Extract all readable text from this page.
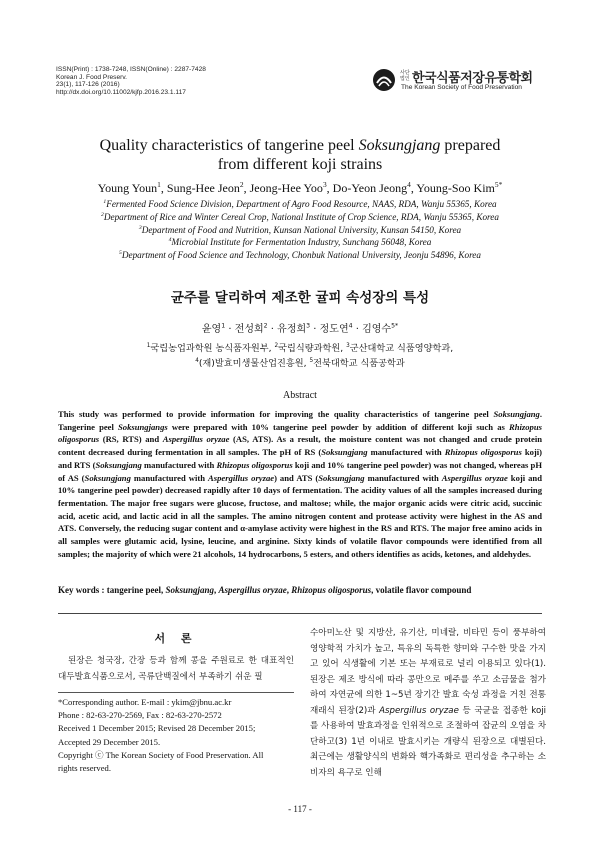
ISSN(Print) : 1738-7248, ISSN(Online) : 2287-7428
Korean J. Food Preserv.
23(1), 117-126 (2016)
http://dx.doi.org/10.11002/kjfp.2016.23.1.117
사단법인 한국식품저장유통학회
The Korean Society of Food Preservation
Quality characteristics of tangerine peel Soksungjang prepared
from different koji strains
Young Youn$^1$, Sung-Hee Jeon$^2$, Jeong-Hee Yoo$^3$, Do-Yeon Jeong$^4$, Young-Soo Kim$^{5*}$
$^1$Fermented Food Science Division, Department of Agro Food Resource, NAAS, RDA, Wanju 55365, Korea
$^2$Department of Rice and Winter Cereal Crop, National Institute of Crop Science, RDA, Wanju 55365, Korea
$^3$Department of Food and Nutrition, Kunsan National University, Kunsan 54150, Korea
$^4$Microbial Institute for Fermentation Industry, Sunchang 56048, Korea
$^5$Department of Food Science and Technology, Chonbuk National University, Jeonju 54896, Korea
균주를 달리하여 제조한 귤피 속성장의 특성
윤영$^1$ · 전성희$^2$ · 유정희$^3$ · 정도연$^4$ · 김영수$^{5*}$
$^1$국립농업과학원 농식품자원부, $^2$국립식량과학원, $^3$군산대학교 식품영양학과,
$^4$(재)발효미생물산업진흥원, $^5$전북대학교 식품공학과
Abstract
This study was performed to provide information for improving the quality characteristics of tangerine peel Soksungjang. Tangerine peel Soksungjangs were prepared with 10% tangerine peel powder by addition of different koji such as Rhizopus oligosporus (RS, RTS) and Aspergillus oryzae (AS, ATS). As a result, the moisture content was not changed and crude protein content decreased during fermentation in all samples. The pH of RS (Soksungjang manufactured with Rhizopus oligosporus koji) and RTS (Soksungjang manufactured with Rhizopus oligosporus koji and 10% tangerine peel powder) was not changed, whereas pH of AS (Soksungjang manufactured with Aspergillus oryzae) and ATS (Soksungjang manufactured with Aspergillus oryzae koji and 10% tangerine peel powder) decreased rapidly after 10 days of fermentation. The acidity values of all the samples increased during fermentation. The major free sugars were glucose, fructose, and maltose; while, the major organic acids were citric acid, succinic acid, acetic acid, and lactic acid in all the samples. The amino nitrogen content and protease activity were highest in the AS and ATS. Conversely, the reducing sugar content and α-amylase activity were highest in the RS and RTS. The major free amino acids in all samples were glutamic acid, lysine, leucine, and arginine. Sixty kinds of volatile flavor compounds were identified from all samples; the majority of which were 21 alcohols, 14 hydrocarbons, 5 esters, and others identifies as acids, ketones, and aldehydes.
Key words : tangerine peel, Soksungjang, Aspergillus oryzae, Rhizopus oligosporus, volatile flavor compound
서 론

된장은 청국장, 간장 등과 함께 콩을 주원료로 한 대표적인 대두발효식품으로서, 곡류단백질에서 부족하기 쉬운 필

*Corresponding author. E-mail : ykim@jbnu.ac.kr
Phone : 82-63-270-2569, Fax : 82-63-270-2572
Received 1 December 2015; Revised 28 December 2015;
Accepted 29 December 2015.
Copyright ⓒ The Korean Society of Food Preservation. All
rights reserved.

수아미노산 및 지방산, 유기산, 미네랄, 비타민 등이 풍부하여 영양학적 가치가 높고, 특유의 독특한 향미와 구수한 맛을 가지고 있어 식생활에 기본 또는 부재료로 널리 이용되고 있다(1). 된장은 제조 방식에 따라 콩만으로 메주를 쑤고 소금물을 첨가하여 자연균에 의한 1~5년 장기간 발효 숙성 과정을 거친 전통 재래식 된장(2)과 Aspergillus oryzae 등 국균을 접종한 koji를 사용하여 발효과정을 인위적으로 조절하여 잡균의 오염을 차단하고(3) 1년 이내로 발효시키는 개량식 된장으로 대별된다. 최근에는 생활양식의 변화와 핵가족화로 편리성을 추구하는 소비자의 욕구로 인해

- 117 -
